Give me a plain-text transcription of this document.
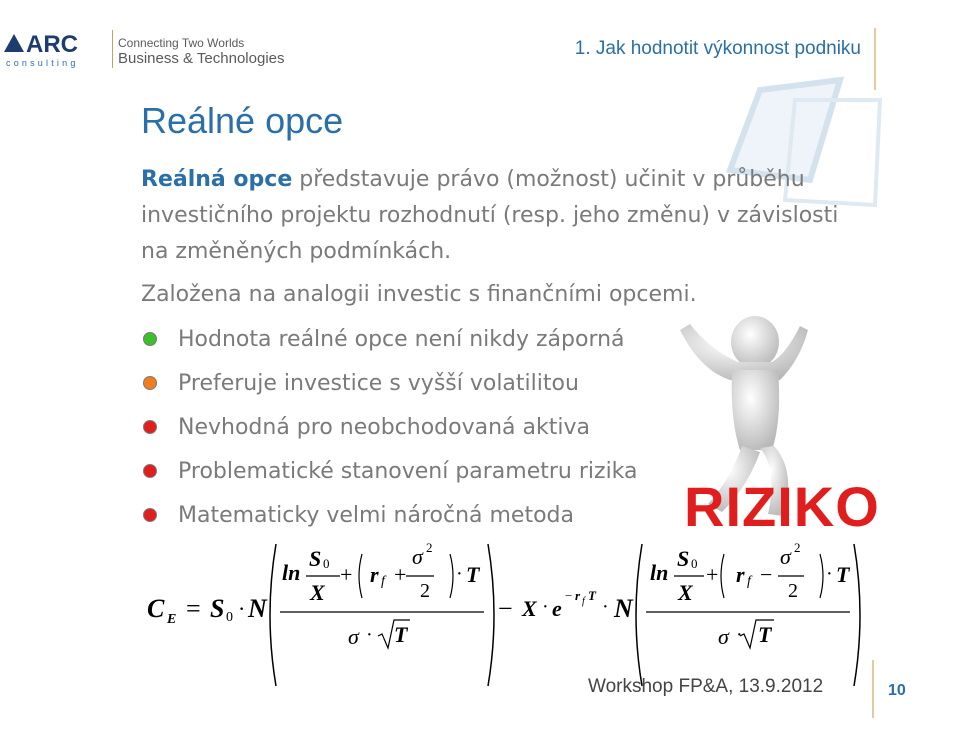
ARC
consulting
Connecting Two Worlds
Business & Technologies	1. Jak hodnotit výkonnost podniku
Reálné opce
Reálná opce představuje právo (možnost) učinit v průběhu investičního projektu rozhodnutí (resp. jeho změnu) v závislosti na změněných podmínkách.
Založena na analogii investic s finančními opcemi.
Hodnota reálné opce není nikdy záporná
Preferuje investice s vyšší volatilitou
Nevhodná pro neobchodovaná aktiva
Problematické stanovení parametru rizika
Matematicky velmi náročná metoda	RIZIKO
C E = S 0 · N
ln
S 0
X
+ r f +
σ 2
2
· T
σ · T
− X · e
− r f T
· N
ln
S 0
X
+ r f −
σ 2
2
· T
σ · T
Workshop FP&A, 13.9.2012	10
